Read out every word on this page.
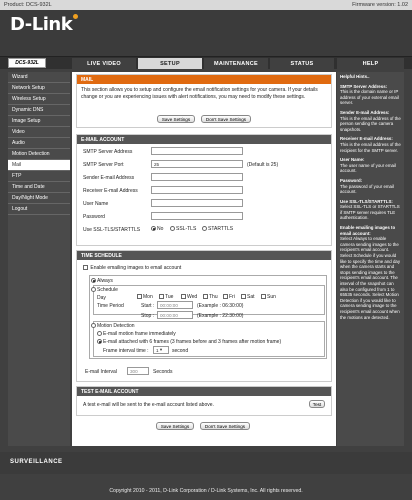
Product: DCS-932L	Firmware version: 1.02
D-Link
DCS-932L	LIVE VIDEO	SETUP	MAINTENANCE	STATUS	HELP
Wizard
Network Setup
Wireless Setup
Dynamic DNS
Image Setup
Video
Audio
Motion Detection
Mail
FTP
Time and Date
Day/Night Mode
Logout
MAIL
This section allows you to setup and configure the email notification settings for your camera. If your details change or you are experiencing issues with alert notifications, you may need to modify these settings.
Save Settings	Don't Save Settings
E-MAIL ACCOUNT
SMTP Server Address
SMTP Server Port	25	(Default is 25)
Sender E-mail Address
Receiver E-mail Address
User Name
Password
Use SSL-TLS/STARTTLS	No	SSL-TLS	STARTTLS
TIME SCHEDULE
Enable emailing images to email account
Always
Schedule
Day	Mon	Tue	Wed	Thu	Fri	Sat	Sun
Time Period	Start :	00:00:00	(Example : 06:30:00)
Stop :	00:00:00	(Example : 22:30:00)
Motion Detection
E-mail motion frame immediately
E-mail attached with 6 frames (3 frames before and 3 frames after motion frame)
Frame interval time : 1 ▾	second
E-mail Interval	300	Seconds
TEST E-MAIL ACCOUNT
A test e-mail will be sent to the e-mail account listed above.	Test
Save Settings	Don't Save Settings
Helpful Hints..
SMTP Server Address:
This is the domain name or IP address of your external email server.
Sender E-mail Address:
This is the email address of the person sending the camera snapshots.
Receiver E-mail Address:
This is the email address of the recipient for the SMTP server.
User Name:
The user name of your email account.
Password:
The password of your email account.
Use SSL-TLS/STARTTLS:
Select SSL-TLS or STARTTLS if SMTP server requires TLE authentication.
Enable emailing images to email account:
Select Always to enable camera sending images to the recipient's email account. Select Schedule if you would like to specify the time and day when the camera starts and stops sending images to the recipient's email account. The interval of the snapshot can also be configured from 1 to 65535 seconds. Select Motion Detection if you would like to camera sending image to the recipient's email account when the motions are detected.
SURVEILLANCE
Copyright 2010 - 2011, D-Link Corporation / D-Link Systems, Inc. All rights reserved.
